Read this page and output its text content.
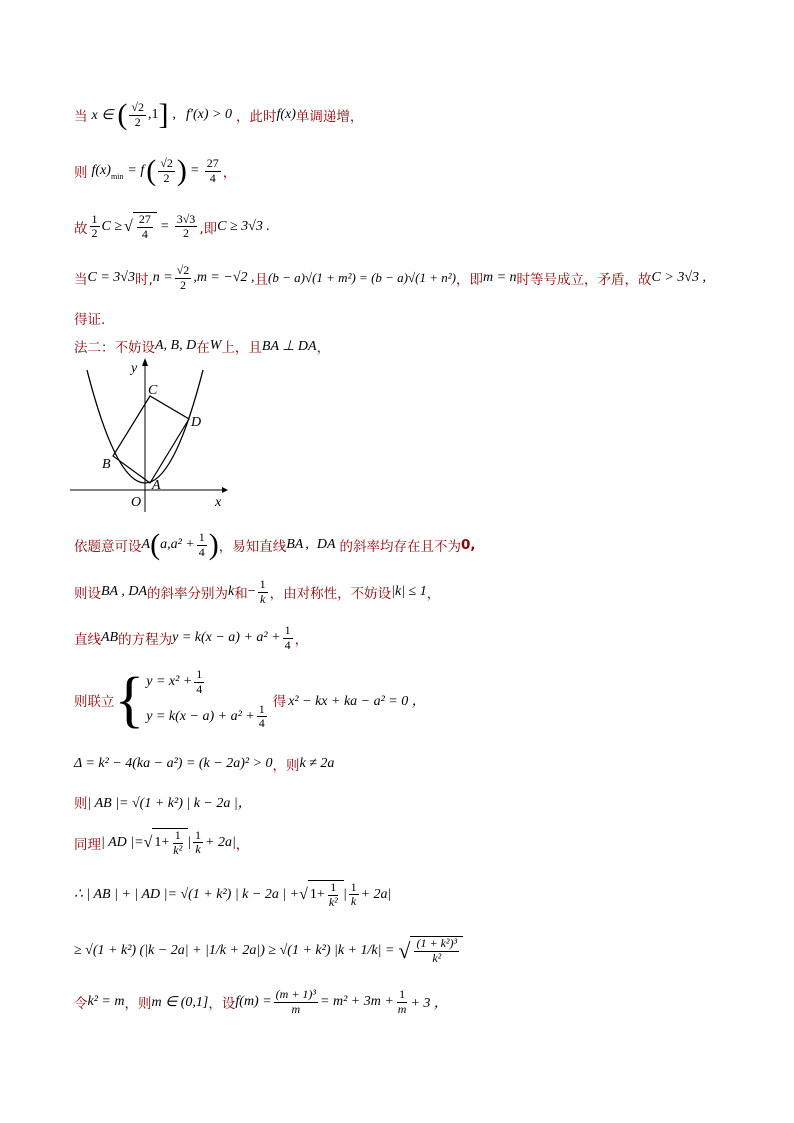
当 x ∈ ( $\frac{√2}{2} ,1$ ] , f′(x) > 0 ，此时 f(x) 单调递增，
则 $f(x)_{min} = f$ ( $\frac{√2}{2}$ ) = $\frac{27}{4}$ ，
故 $\frac{1}{2}$ C ≥ √ $\frac{27}{4} = \frac{3√3}{2}$ ,即 C ≥ 3√3 .
当 C = 3√3 时, $n = \frac{√2}{2} ,m = -√2$ , 且 (b − a)√(1 + m²) = (b − a)√(1 + n²) ，即 m = n 时等号成立，矛盾，故 C > 3√3 ,
得证.
法二：不妨设 A, B, D 在 W 上，且 BA ⊥ DA ，
y
x
O
A
B
C
D
依题意可设 A ( $a,a^2 + \frac{1}{4}$ ) ，易知直线 BA , DA 的斜率均存在且不为 0,
则设 BA , DA 的斜率分别为 k 和 − $\frac{1}{k}$ ，由对称性，不妨设 |k| ≤ 1 ，
直线 AB 的方程为 $y = k(x - a) + a^2 + \frac{1}{4}$ ，
则联立 { $y = x^2 + \frac{1}{4}$
$y = k(x - a) + a^2 + \frac{1}{4}$
得 x² − kx + ka − a² = 0 ，
Δ = k² − 4(ka − a²) = (k − 2a)² > 0 ，则 k ≠ 2a
则 | AB |= √(1 + k²) | k − 2a |，
同理 | AD |= √ $1+ \frac{1}{\text{k²}}$ | $\frac{1}{k} + 2a|$ ，
∴ | AB | + | AD |= √(1 + k²) | k − 2a | + √ $1+ \frac{1}{\text{k²}}$ | $\frac{1}{k} + 2a|$
≥ √(1 + k²) (|k − 2a| + |1/k + 2a|) ≥ √(1 + k²) |k + 1/k| = √ $\frac{\text{(1 + k²)³}}{\text{k²}}$
令 k² = m ，则 m ∈ (0,1] ，设 $f(m) = \frac{\text{(m + 1)³}}{m} = m^2 + 3m + \frac{1}{m} + 3$ ，
